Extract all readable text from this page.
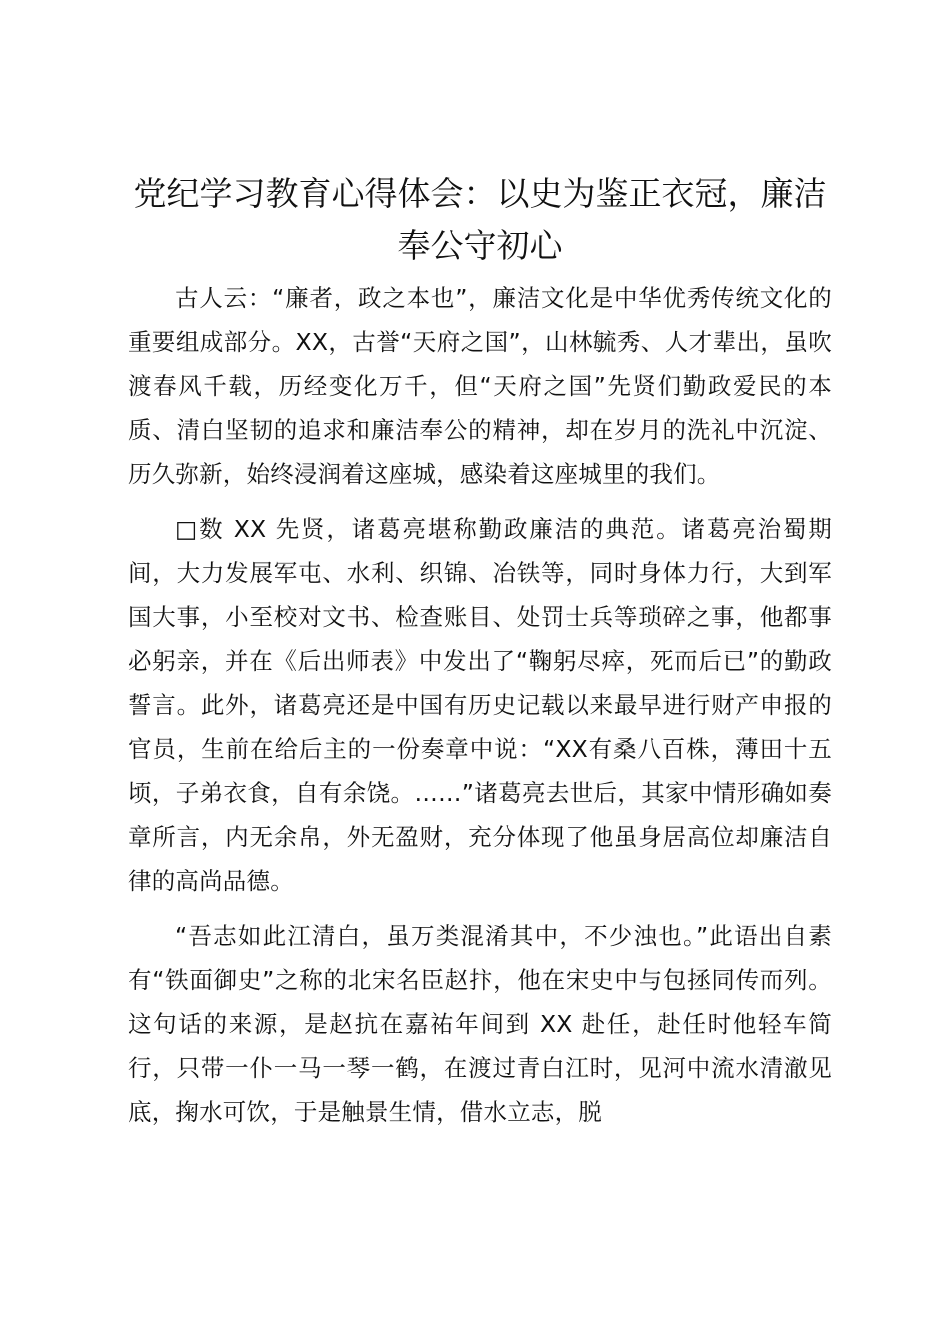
党纪学习教育心得体会：以史为鉴正衣冠，廉洁奉公守初心

古人云：“廉者，政之本也”，廉洁文化是中华优秀传统文化的重要组成部分。XX，古誉“天府之国”，山林毓秀、人才辈出，虽吹渡春风千载，历经变化万千，但“天府之国”先贤们勤政爱民的本质、清白坚韧的追求和廉洁奉公的精神，却在岁月的洗礼中沉淀、历久弥新，始终浸润着这座城，感染着这座城里的我们。

□数 XX 先贤，诸葛亮堪称勤政廉洁的典范。诸葛亮治蜀期间，大力发展军屯、水利、织锦、冶铁等，同时身体力行，大到军国大事，小至校对文书、检查账目、处罚士兵等琐碎之事，他都事必躬亲，并在《后出师表》中发出了“鞠躬尽瘁，死而后已”的勤政誓言。此外，诸葛亮还是中国有历史记载以来最早进行财产申报的官员，生前在给后主的一份奏章中说：“XX有桑八百株，薄田十五顷，子弟衣食，自有余饶。……”诸葛亮去世后，其家中情形确如奏章所言，内无余帛，外无盈财，充分体现了他虽身居高位却廉洁自律的高尚品德。

“吾志如此江清白，虽万类混淆其中，不少浊也。”此语出自素有“铁面御史”之称的北宋名臣赵抃，他在宋史中与包拯同传而列。这句话的来源，是赵抗在嘉祐年间到 XX 赴任，赴任时他轻车简行，只带一仆一马一琴一鹤，在渡过青白江时，见河中流水清澈见底，掬水可饮，于是触景生情，借水立志，脱
